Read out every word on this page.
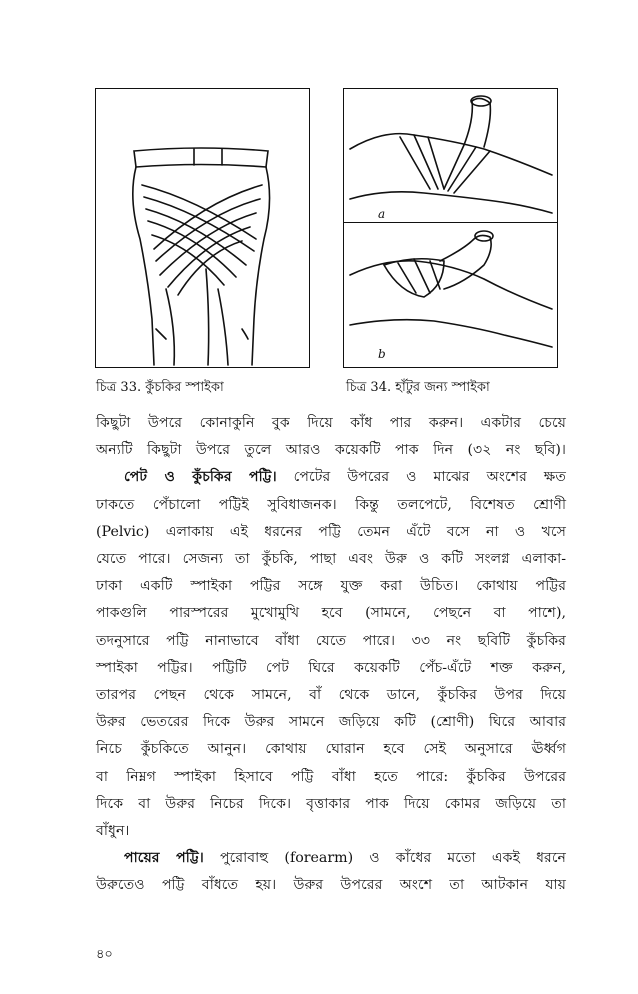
a
b
চিত্র 33. কুঁচকির স্পাইকা	চিত্র 34. হাঁটুর জন্য স্পাইকা
কিছুটা উপরে কোনাকুনি বুক দিয়ে কাঁধ পার করুন। একটার চেয়ে
অন্যটি কিছুটা উপরে তুলে আরও কয়েকটি পাক দিন (৩২ নং ছবি)।
পেট ও কুঁচকির পট্টি। পেটের উপরের ও মাঝের অংশের ক্ষত
ঢাকতে পেঁচালো পট্টিই সুবিধাজনক। কিন্তু তলপেটে, বিশেষত শ্রোণী
(Pelvic) এলাকায় এই ধরনের পট্টি তেমন এঁটে বসে না ও খসে
যেতে পারে। সেজন্য তা কুঁচকি, পাছা এবং উরু ও কটি সংলগ্ন এলাকা-
ঢাকা একটি স্পাইকা পট্টির সঙ্গে যুক্ত করা উচিত। কোথায় পট্টির
পাকগুলি পারস্পরের মুখোমুখি হবে (সামনে, পেছনে বা পাশে),
তদনুসারে পট্টি নানাভাবে বাঁধা যেতে পারে। ৩৩ নং ছবিটি কুঁচকির
স্পাইকা পট্টির। পট্টিটি পেট ঘিরে কয়েকটি পেঁচ-এঁটে শক্ত করুন,
তারপর পেছন থেকে সামনে, বাঁ থেকে ডানে, কুঁচকির উপর দিয়ে
উরুর ভেতরের দিকে উরুর সামনে জড়িয়ে কটি (শ্রোণী) ঘিরে আবার
নিচে কুঁচকিতে আনুন। কোথায় ঘোরান হবে সেই অনুসারে ঊর্ধ্বগ
বা নিম্নগ স্পাইকা হিসাবে পট্টি বাঁধা হতে পারে: কুঁচকির উপরের
দিকে বা উরুর নিচের দিকে। বৃত্তাকার পাক দিয়ে কোমর জড়িয়ে তা
বাঁধুন।
পায়ের পট্টি। পুরোবাহু (forearm) ও কাঁধের মতো একই ধরনে
উরুতেও পট্টি বাঁধতে হয়। উরুর উপরের অংশে তা আটকান যায়
৪০
